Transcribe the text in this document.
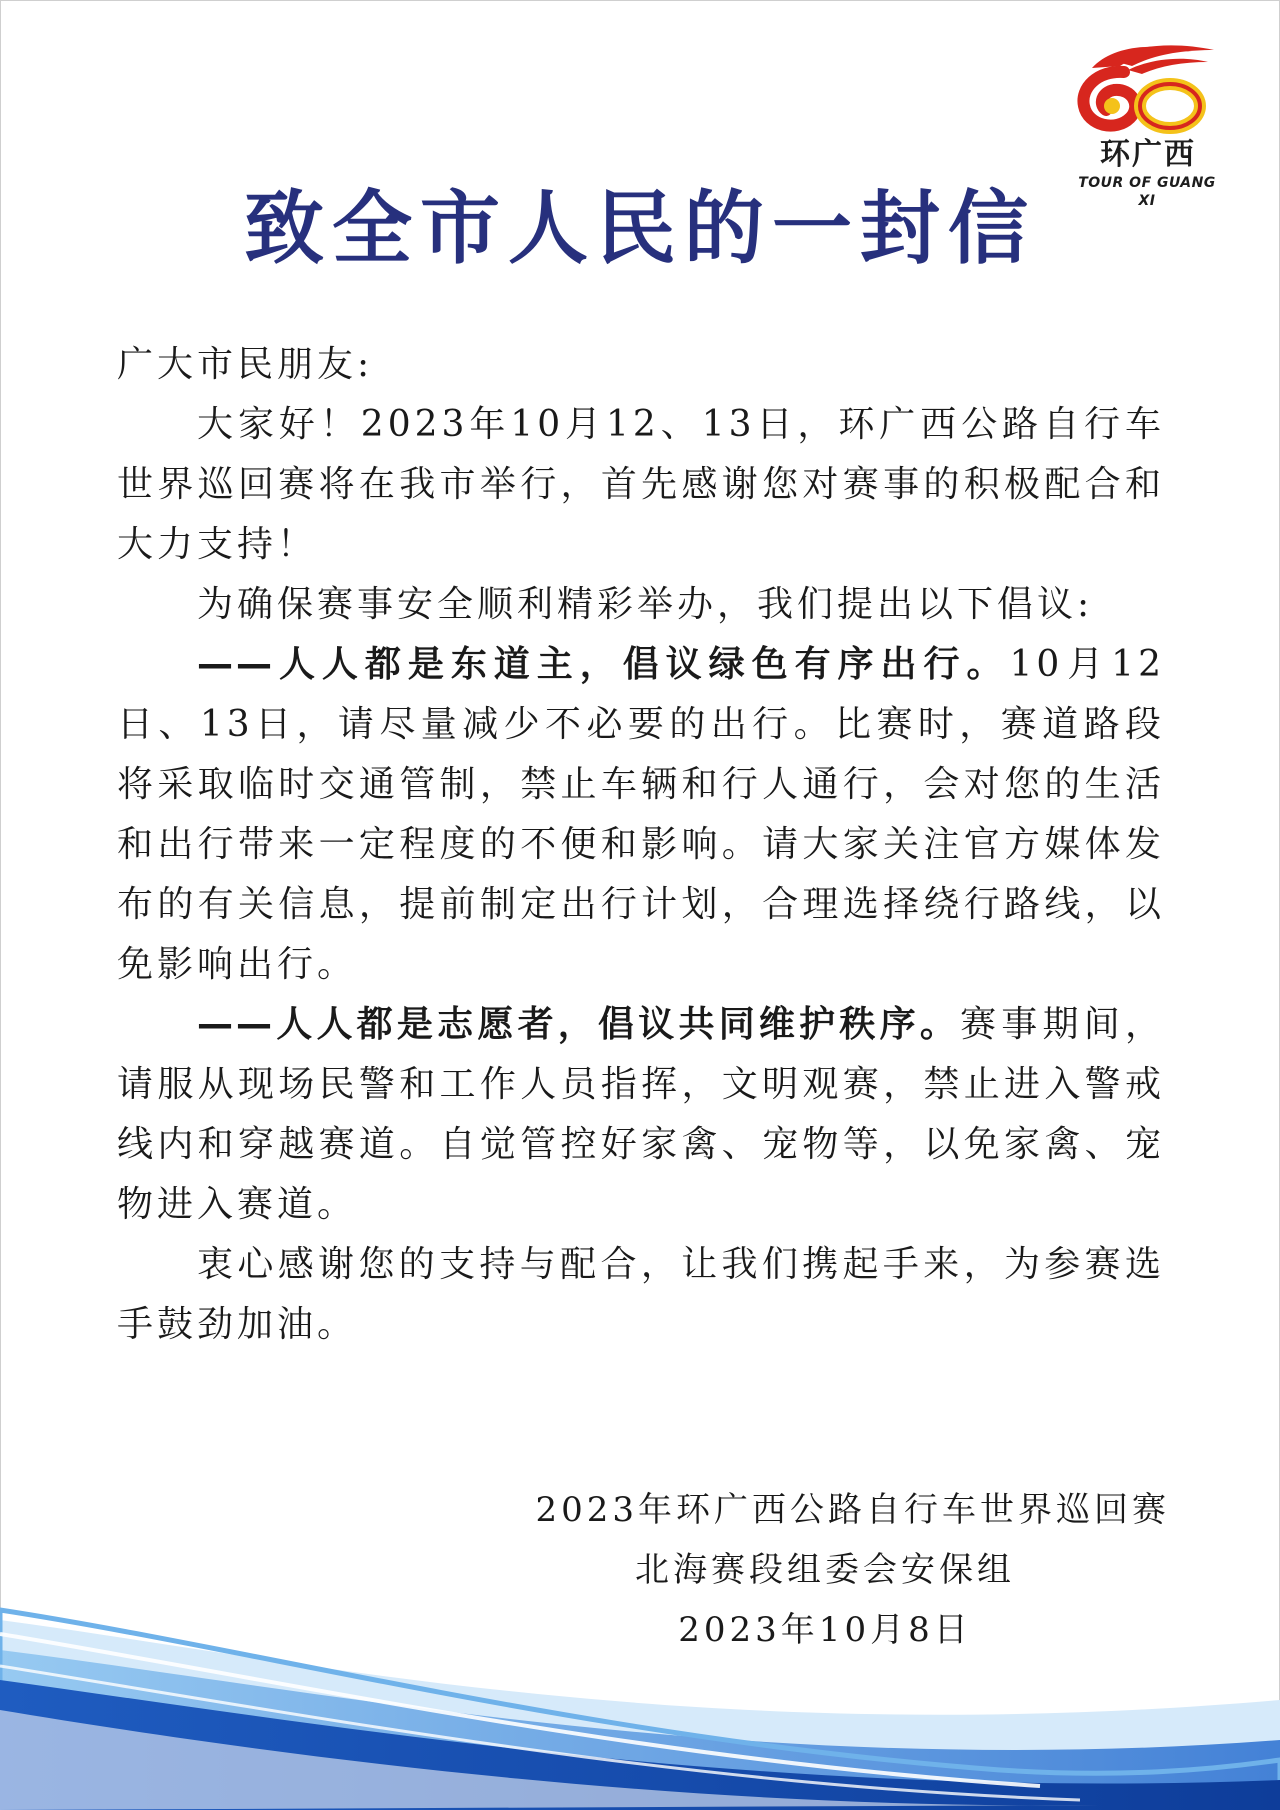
环广西
TOUR OF GUANG XI
致全市人民的一封信

广大市民朋友:

大家好！2023年10月12、13日，环广西公路自行车世界巡回赛将在我市举行，首先感谢您对赛事的积极配合和大力支持！

为确保赛事安全顺利精彩举办，我们提出以下倡议:

——人人都是东道主，倡议绿色有序出行。10月12日、13日，请尽量减少不必要的出行。比赛时，赛道路段将采取临时交通管制，禁止车辆和行人通行，会对您的生活和出行带来一定程度的不便和影响。请大家关注官方媒体发布的有关信息，提前制定出行计划，合理选择绕行路线，以免影响出行。

——人人都是志愿者，倡议共同维护秩序。赛事期间，请服从现场民警和工作人员指挥，文明观赛，禁止进入警戒线内和穿越赛道。自觉管控好家禽、宠物等，以免家禽、宠物进入赛道。

衷心感谢您的支持与配合，让我们携起手来，为参赛选手鼓劲加油。

2023年环广西公路自行车世界巡回赛
北海赛段组委会安保组
2023年10月8日
